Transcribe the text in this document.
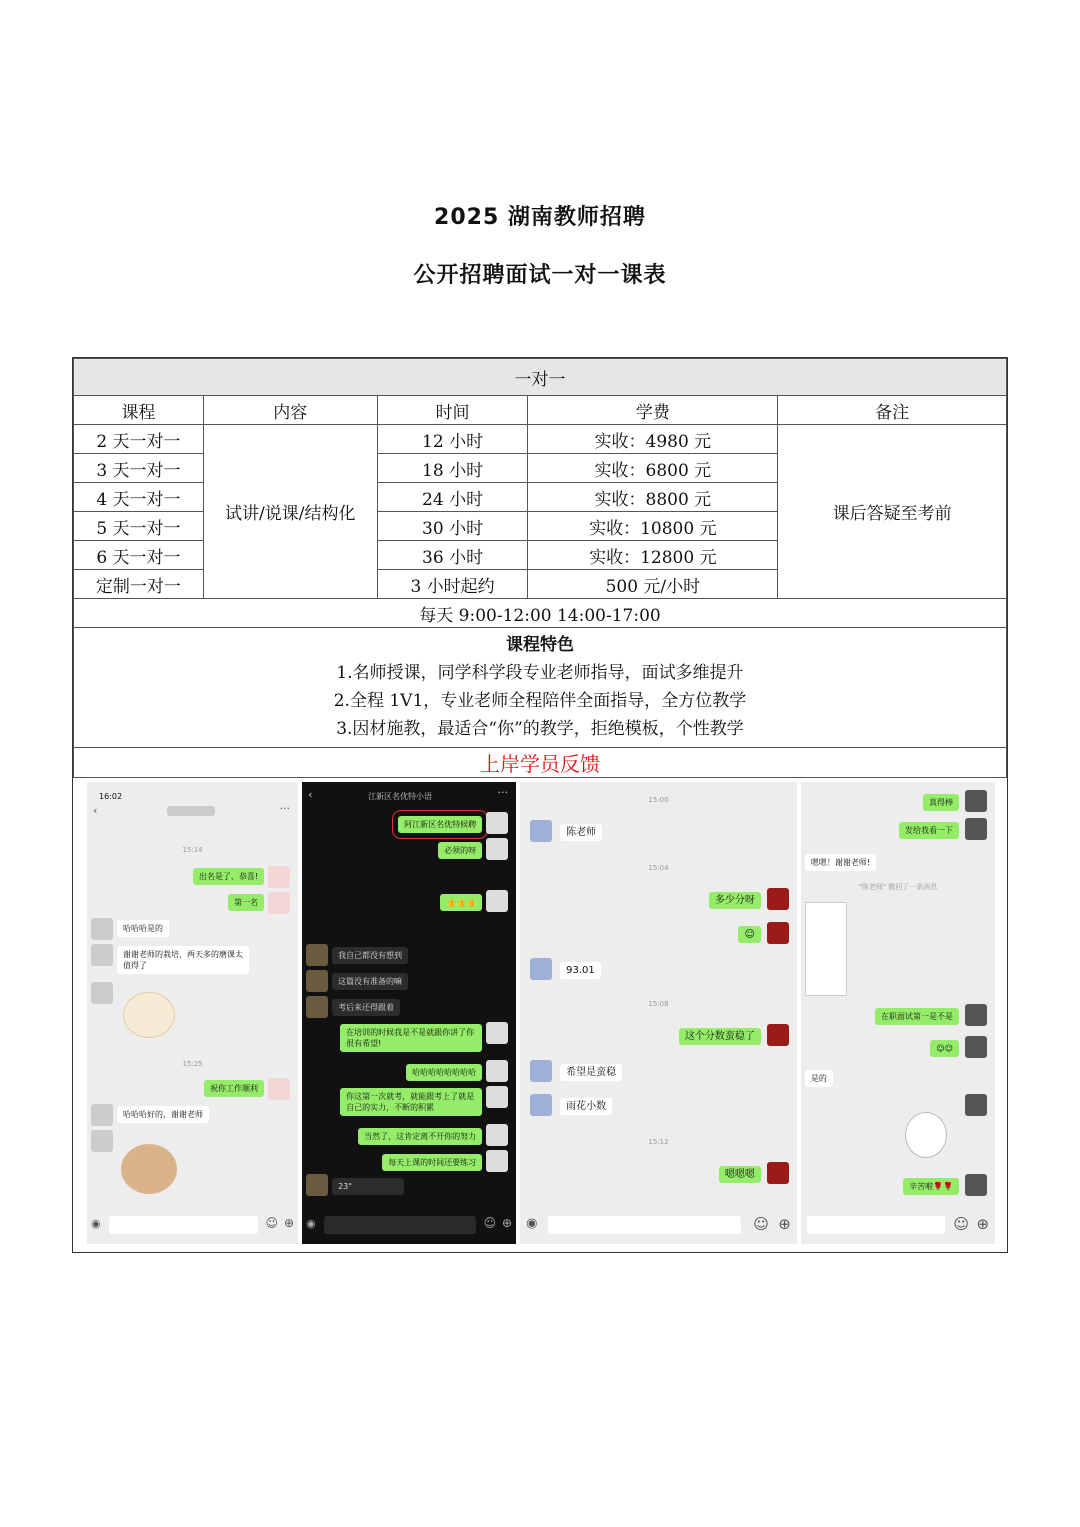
2025 湖南教师招聘
公开招聘面试一对一课表
一对一				
课程	内容	时间	学费	备注
2 天一对一	试讲/说课/结构化	12 小时	实收：4980 元	课后答疑至考前
3 天一对一		18 小时	实收：6800 元	
4 天一对一		24 小时	实收：8800 元	
5 天一对一		30 小时	实收：10800 元	
6 天一对一		36 小时	实收：12800 元	
定制一对一		3 小时起约	500 元/小时	
每天 9:00-12:00 14:00-17:00				

课程特色
1.名师授课，同学科学段专业老师指导，面试多维提升
2.全程 1V1，专业老师全程陪伴全面指导，全方位教学
3.因材施教，最适合“你”的教学，拒绝模板，个性教学				

上岸学员反馈				
16:02
‹	···
15:14
出名是了，恭喜!
第一名
哈哈哈是的
谢谢老师的栽培，两天多的磨课太值得了
15:25
祝你工作顺利
哈哈哈好的，谢谢老师
◉	☺ ⊕
‹	江新区名优特小语	···
阿江新区名优特候聘
必须的呀
👍👍👍
我自己都没有想到
这篇没有准备的嘛
考后来还得跟着
在培训的时候我是不是就跟你讲了你很有希望!
哈哈哈哈哈哈哈哈
你这第一次就考，就能跟考上了就是自己的实力，不断的积累
当然了，这肯定离不开你的努力
每天上课的时间还要练习
23"
◉	☺ ⊕
15:00
陈老师
15:04
多少分呀
☺
93.01
15:08
这个分数蛮稳了
希望是蛮稳
雨花小数
15:12
嗯嗯嗯
◉	☺ ⊕
真得棒
发给我看一下
嗯嗯！谢谢老师!
"陈老师" 撤回了一条消息
在职面试第一是不是
☺☺
是的
辛苦啦🌹🌹
☺ ⊕
